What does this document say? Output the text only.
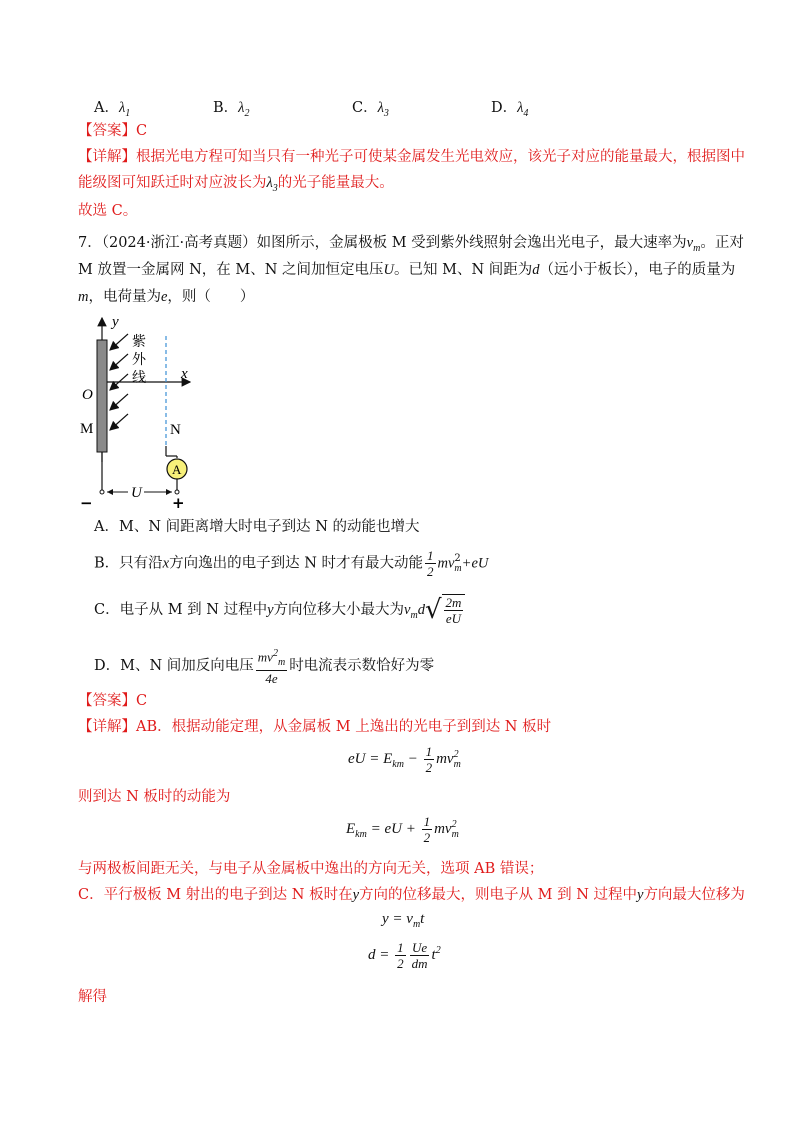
A．$\lambda_1$	B．$\lambda_2$	C．$\lambda_3$	D．$\lambda_4$
【答案】C
【详解】根据光电方程可知当只有一种光子可使某金属发生光电效应，该光子对应的能量最大，根据图中
能级图可知跃迁时对应波长为$\lambda_3$的光子能量最大。
故选 C。
7．（2024·浙江·高考真题）如图所示，金属极板 M 受到紫外线照射会逸出光电子，最大速率为$v_m$。正对
M 放置一金属网 N，在 M、N 之间加恒定电压U。已知 M、N 间距为d（远小于板长），电子的质量为
m，电荷量为e，则（　　）
y
x
O
M
紫
外
线
N
A
U
−	+
A．M、N 间距离增大时电子到达 N 的动能也增大
B．只有沿x方向逸出的电子到达 N 时才有最大动能 $\frac{1}{2}$ mv 2
m +eU
C．电子从 M 到 N 过程中y方向位移大小最大为$v_md$ √ $\frac{2m}{eU}$
D．M、N 间加反向电压 $\frac{mv^2_m}{4e}$ 时电流表示数恰好为零
【答案】C
【详解】AB．根据动能定理，从金属板 M 上逸出的光电子到到达 N 板时
eU = $E_{km} - \frac{1}{2}$ mv 2
m
则到达 N 板时的动能为
$E_{km}$ = eU + $\frac{1}{2}$ mv 2
m
与两极板间距无关，与电子从金属板中逸出的方向无关，选项 AB 错误；
C．平行极板 M 射出的电子到达 N 板时在y方向的位移最大，则电子从 M 到 N 过程中y方向最大位移为
$y = v_mt$
$d = \frac{1}{2} \frac{Ue}{dm} t^2$
解得
